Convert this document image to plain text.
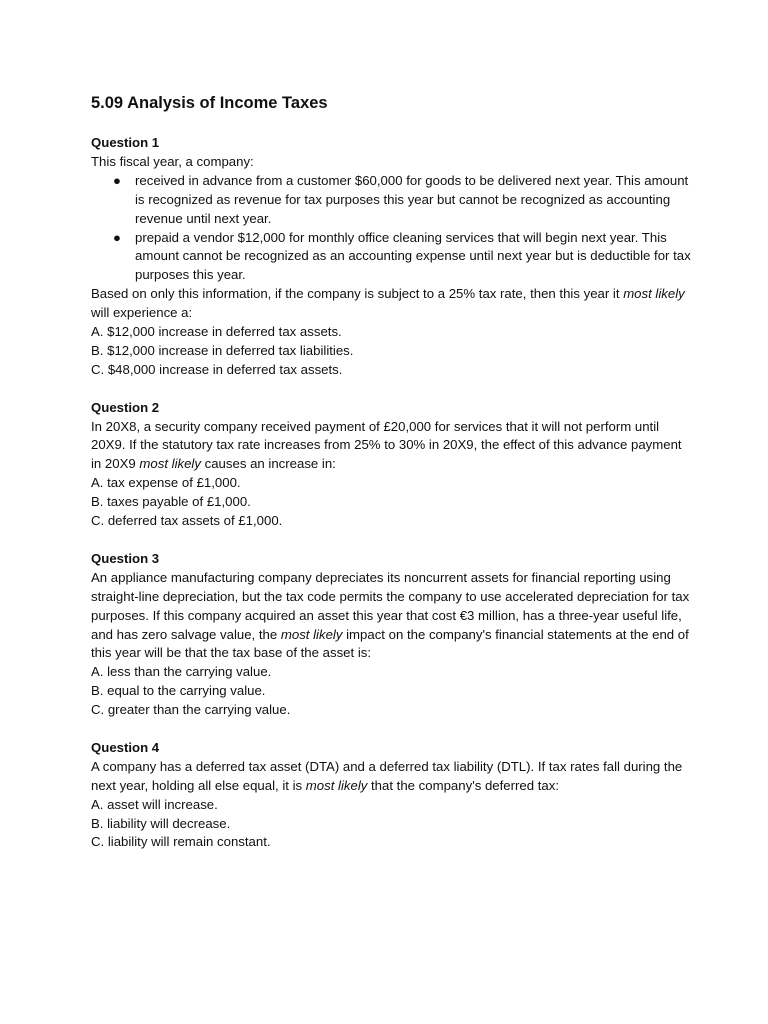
5.09 Analysis of Income Taxes
Question 1
This fiscal year, a company:
● received in advance from a customer $60,000 for goods to be delivered next year. This amount is recognized as revenue for tax purposes this year but cannot be recognized as accounting revenue until next year.
● prepaid a vendor $12,000 for monthly office cleaning services that will begin next year. This amount cannot be recognized as an accounting expense until next year but is deductible for tax purposes this year.
Based on only this information, if the company is subject to a 25% tax rate, then this year it most likely will experience a:
A. $12,000 increase in deferred tax assets.
B. $12,000 increase in deferred tax liabilities.
C. $48,000 increase in deferred tax assets.
Question 2
In 20X8, a security company received payment of £20,000 for services that it will not perform until 20X9. If the statutory tax rate increases from 25% to 30% in 20X9, the effect of this advance payment in 20X9 most likely causes an increase in:
A. tax expense of £1,000.
B. taxes payable of £1,000.
C. deferred tax assets of £1,000.
Question 3
An appliance manufacturing company depreciates its noncurrent assets for financial reporting using straight-line depreciation, but the tax code permits the company to use accelerated depreciation for tax purposes. If this company acquired an asset this year that cost €3 million, has a three-year useful life, and has zero salvage value, the most likely impact on the company's financial statements at the end of this year will be that the tax base of the asset is:
A. less than the carrying value.
B. equal to the carrying value.
C. greater than the carrying value.
Question 4
A company has a deferred tax asset (DTA) and a deferred tax liability (DTL). If tax rates fall during the next year, holding all else equal, it is most likely that the company's deferred tax:
A. asset will increase.
B. liability will decrease.
C. liability will remain constant.
